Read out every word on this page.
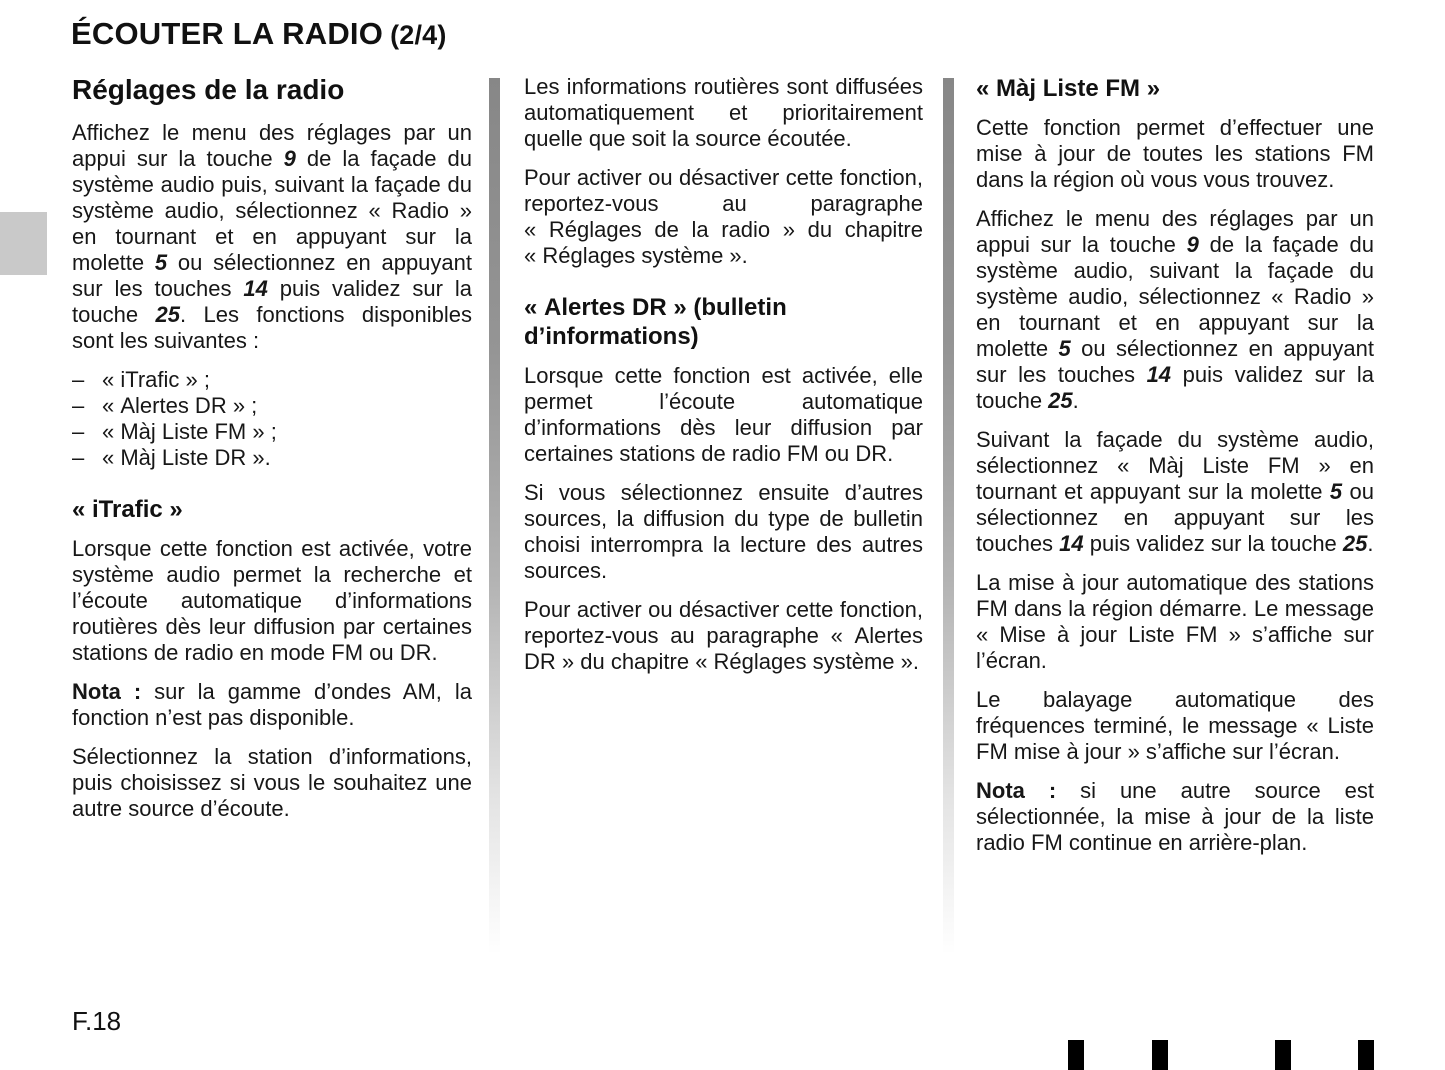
ÉCOUTER LA RADIO (2/4)
Réglages de la radio

Affichez le menu des réglages par un appui sur la touche 9 de la façade du système audio puis, suivant la façade du système audio, sélectionnez « Radio » en tournant et en appuyant sur la molette 5 ou sélectionnez en appuyant sur les touches 14 puis validez sur la touche 25. Les fonctions disponibles sont les suivantes :

– « iTrafic » ;
– « Alertes DR » ;
– « Màj Liste FM » ;
– « Màj Liste DR ».
« iTrafic »

Lorsque cette fonction est activée, votre système audio permet la recherche et l’écoute automatique d’informations routières dès leur diffusion par certaines stations de radio en mode FM ou DR.

Nota : sur la gamme d’ondes AM, la fonction n’est pas disponible.

Sélectionnez la station d’informations, puis choisissez si vous le souhaitez une autre source d’écoute.

Les informations routières sont diffusées automatiquement et prioritairement quelle que soit la source écoutée.

Pour activer ou désactiver cette fonction, reportez-vous au paragraphe « Réglages de la radio » du chapitre « Réglages système ».

« Alertes DR » (bulletin d’informations)

Lorsque cette fonction est activée, elle permet l’écoute automatique d’informations dès leur diffusion par certaines stations de radio FM ou DR.

Si vous sélectionnez ensuite d’autres sources, la diffusion du type de bulletin choisi interrompra la lecture des autres sources.

Pour activer ou désactiver cette fonction, reportez-vous au paragraphe « Alertes DR » du chapitre « Réglages système ».

« Màj Liste FM »

Cette fonction permet d’effectuer une mise à jour de toutes les stations FM dans la région où vous vous trouvez.

Affichez le menu des réglages par un appui sur la touche 9 de la façade du système audio, suivant la façade du système audio, sélectionnez « Radio » en tournant et en appuyant sur la molette 5 ou sélectionnez en appuyant sur les touches 14 puis validez sur la touche 25.

Suivant la façade du système audio, sélectionnez « Màj Liste FM » en tournant et appuyant sur la molette 5 ou sélectionnez en appuyant sur les touches 14 puis validez sur la touche 25.

La mise à jour automatique des stations FM dans la région démarre. Le message « Mise à jour Liste FM » s’affiche sur l’écran.

Le balayage automatique des fréquences terminé, le message « Liste FM mise à jour » s’affiche sur l’écran.

Nota : si une autre source est sélectionnée, la mise à jour de la liste radio FM continue en arrière-plan.

F.18
